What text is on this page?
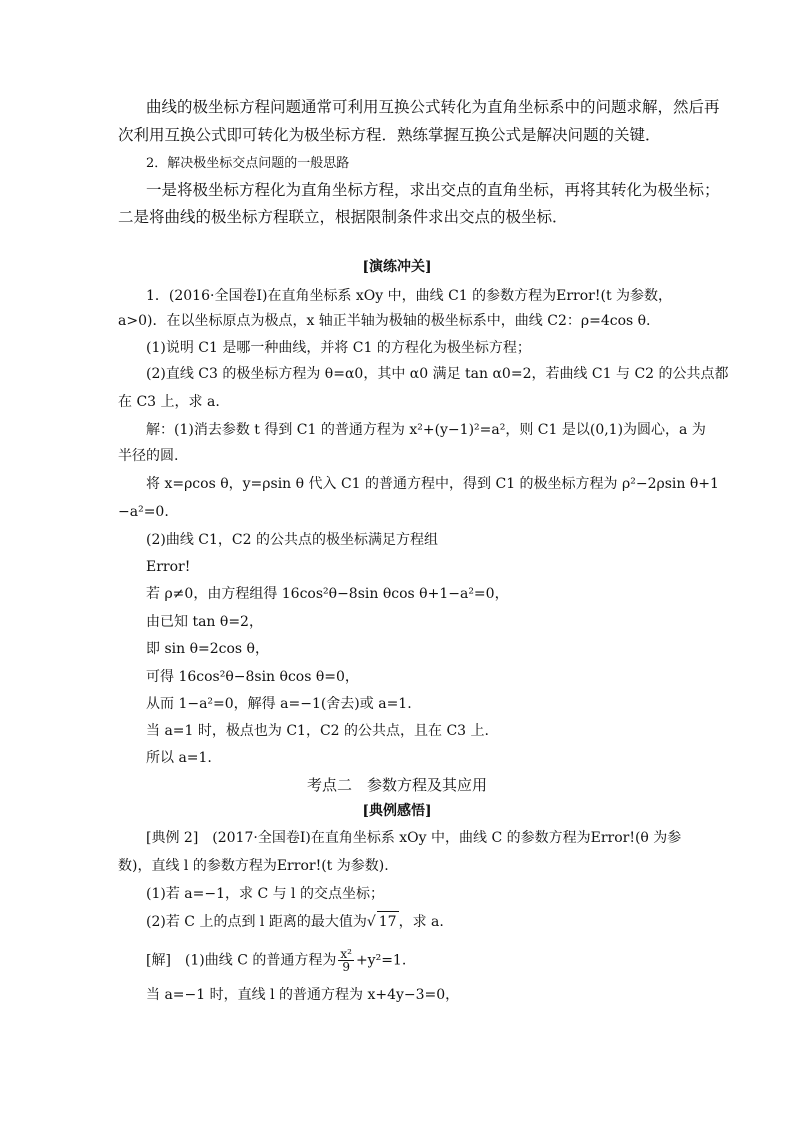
曲线的极坐标方程问题通常可利用互换公式转化为直角坐标系中的问题求解，然后再
次利用互换公式即可转化为极坐标方程．熟练掌握互换公式是解决问题的关键．
2．解决极坐标交点问题的一般思路
一是将极坐标方程化为直角坐标方程，求出交点的直角坐标，再将其转化为极坐标；
二是将曲线的极坐标方程联立，根据限制条件求出交点的极坐标．
[演练冲关]
1．(2016·全国卷Ⅰ)在直角坐标系 xOy 中，曲线 C1 的参数方程为Error!(t 为参数，
a>0)．在以坐标原点为极点，x 轴正半轴为极轴的极坐标系中，曲线 C2：ρ=4cos θ.
(1)说明 C1 是哪一种曲线，并将 C1 的方程化为极坐标方程；
(2)直线 C3 的极坐标方程为 θ=α0，其中 α0 满足 tan α0=2，若曲线 C1 与 C2 的公共点都
在 C3 上，求 a.
解：(1)消去参数 t 得到 C1 的普通方程为 x²+(y−1)²=a²，则 C1 是以(0,1)为圆心，a 为
半径的圆.
将 x=ρcos θ，y=ρsin θ 代入 C1 的普通方程中，得到 C1 的极坐标方程为 ρ²−2ρsin θ+1
−a²=0.
(2)曲线 C1，C2 的公共点的极坐标满足方程组
Error!
若 ρ≠0，由方程组得 16cos²θ−8sin θcos θ+1−a²=0，
由已知 tan θ=2，
即 sin θ=2cos θ，
可得 16cos²θ−8sin θcos θ=0，
从而 1−a²=0，解得 a=−1(舍去)或 a=1.
当 a=1 时，极点也为 C1，C2 的公共点，且在 C3 上.
所以 a=1.
考点二　参数方程及其应用
[典例感悟]
[典例 2]　(2017·全国卷Ⅰ)在直角坐标系 xOy 中，曲线 C 的参数方程为Error!(θ 为参
数)，直线 l 的参数方程为Error!(t 为参数).
(1)若 a=−1，求 C 与 l 的交点坐标；
(2)若 C 上的点到 l 距离的最大值为√ 17 ，求 a.
[解]　(1)曲线 C 的普通方程为 $\frac{\text{x²}}{9} +y^2=1$.
当 a=−1 时，直线 l 的普通方程为 x+4y−3=0，
